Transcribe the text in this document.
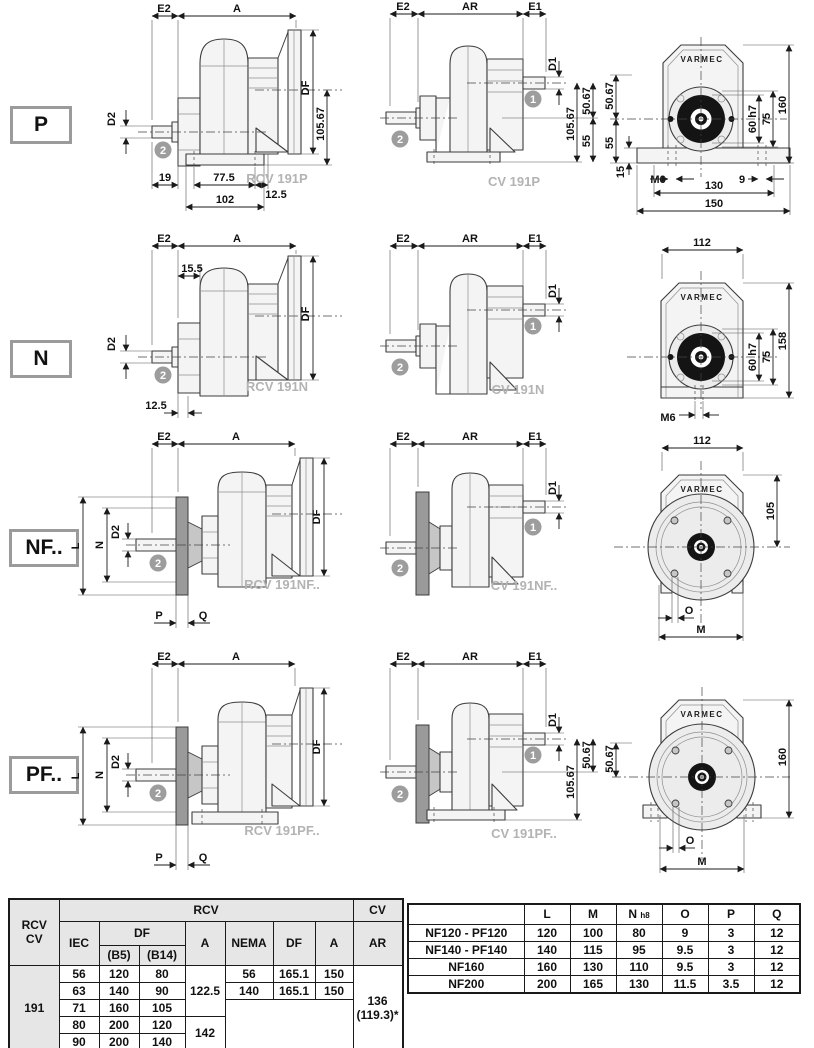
P
N
NF..
PF..
E2	A
D2
DF
105.67
19	77.5
12.5
102
2
RCV 191P
E2	AR	E1
D1
105.67
50.67
55
1
2
CV 191P
VARMEC
60 h7 75
160
50.67
55
15
M6	9
130
150
E2	A
15.5
D2
DF
12.5
2
RCV 191N
E2	AR	E1
D1
1
2
CV 191N
VARMEC
112
60 h7 75
158
M6
E2	A
L N
D2
DF
P	Q
2
RCV 191NF..
E2	AR	E1
D1
1
2
CV 191NF..
VARMEC
112
105
O
M
E2	A
L N
D2
DF
P	Q
2
RCV 191PF..
E2	AR	E1
D1
105.67
50.67
1
2
CV 191PF..
VARMEC
160
50.67
O
M
RCV
CV	RCV							CV
	IEC	DF		A	NEMA	DF	A	AR
		(B5)	(B14)					
191	56	120	80	122.5	56	165.1	150	136
(119.3)*

	63	140	90		140	165.1	150	
	71	160	105					
	80	200	120	142				
	90	200	140					
	L	M	N h8	O	P	Q
NF120 - PF120	120	100	80	9	3	12
NF140 - PF140	140	115	95	9.5	3	12
NF160	160	130	110	9.5	3	12
NF200	200	165	130	11.5	3.5	12
